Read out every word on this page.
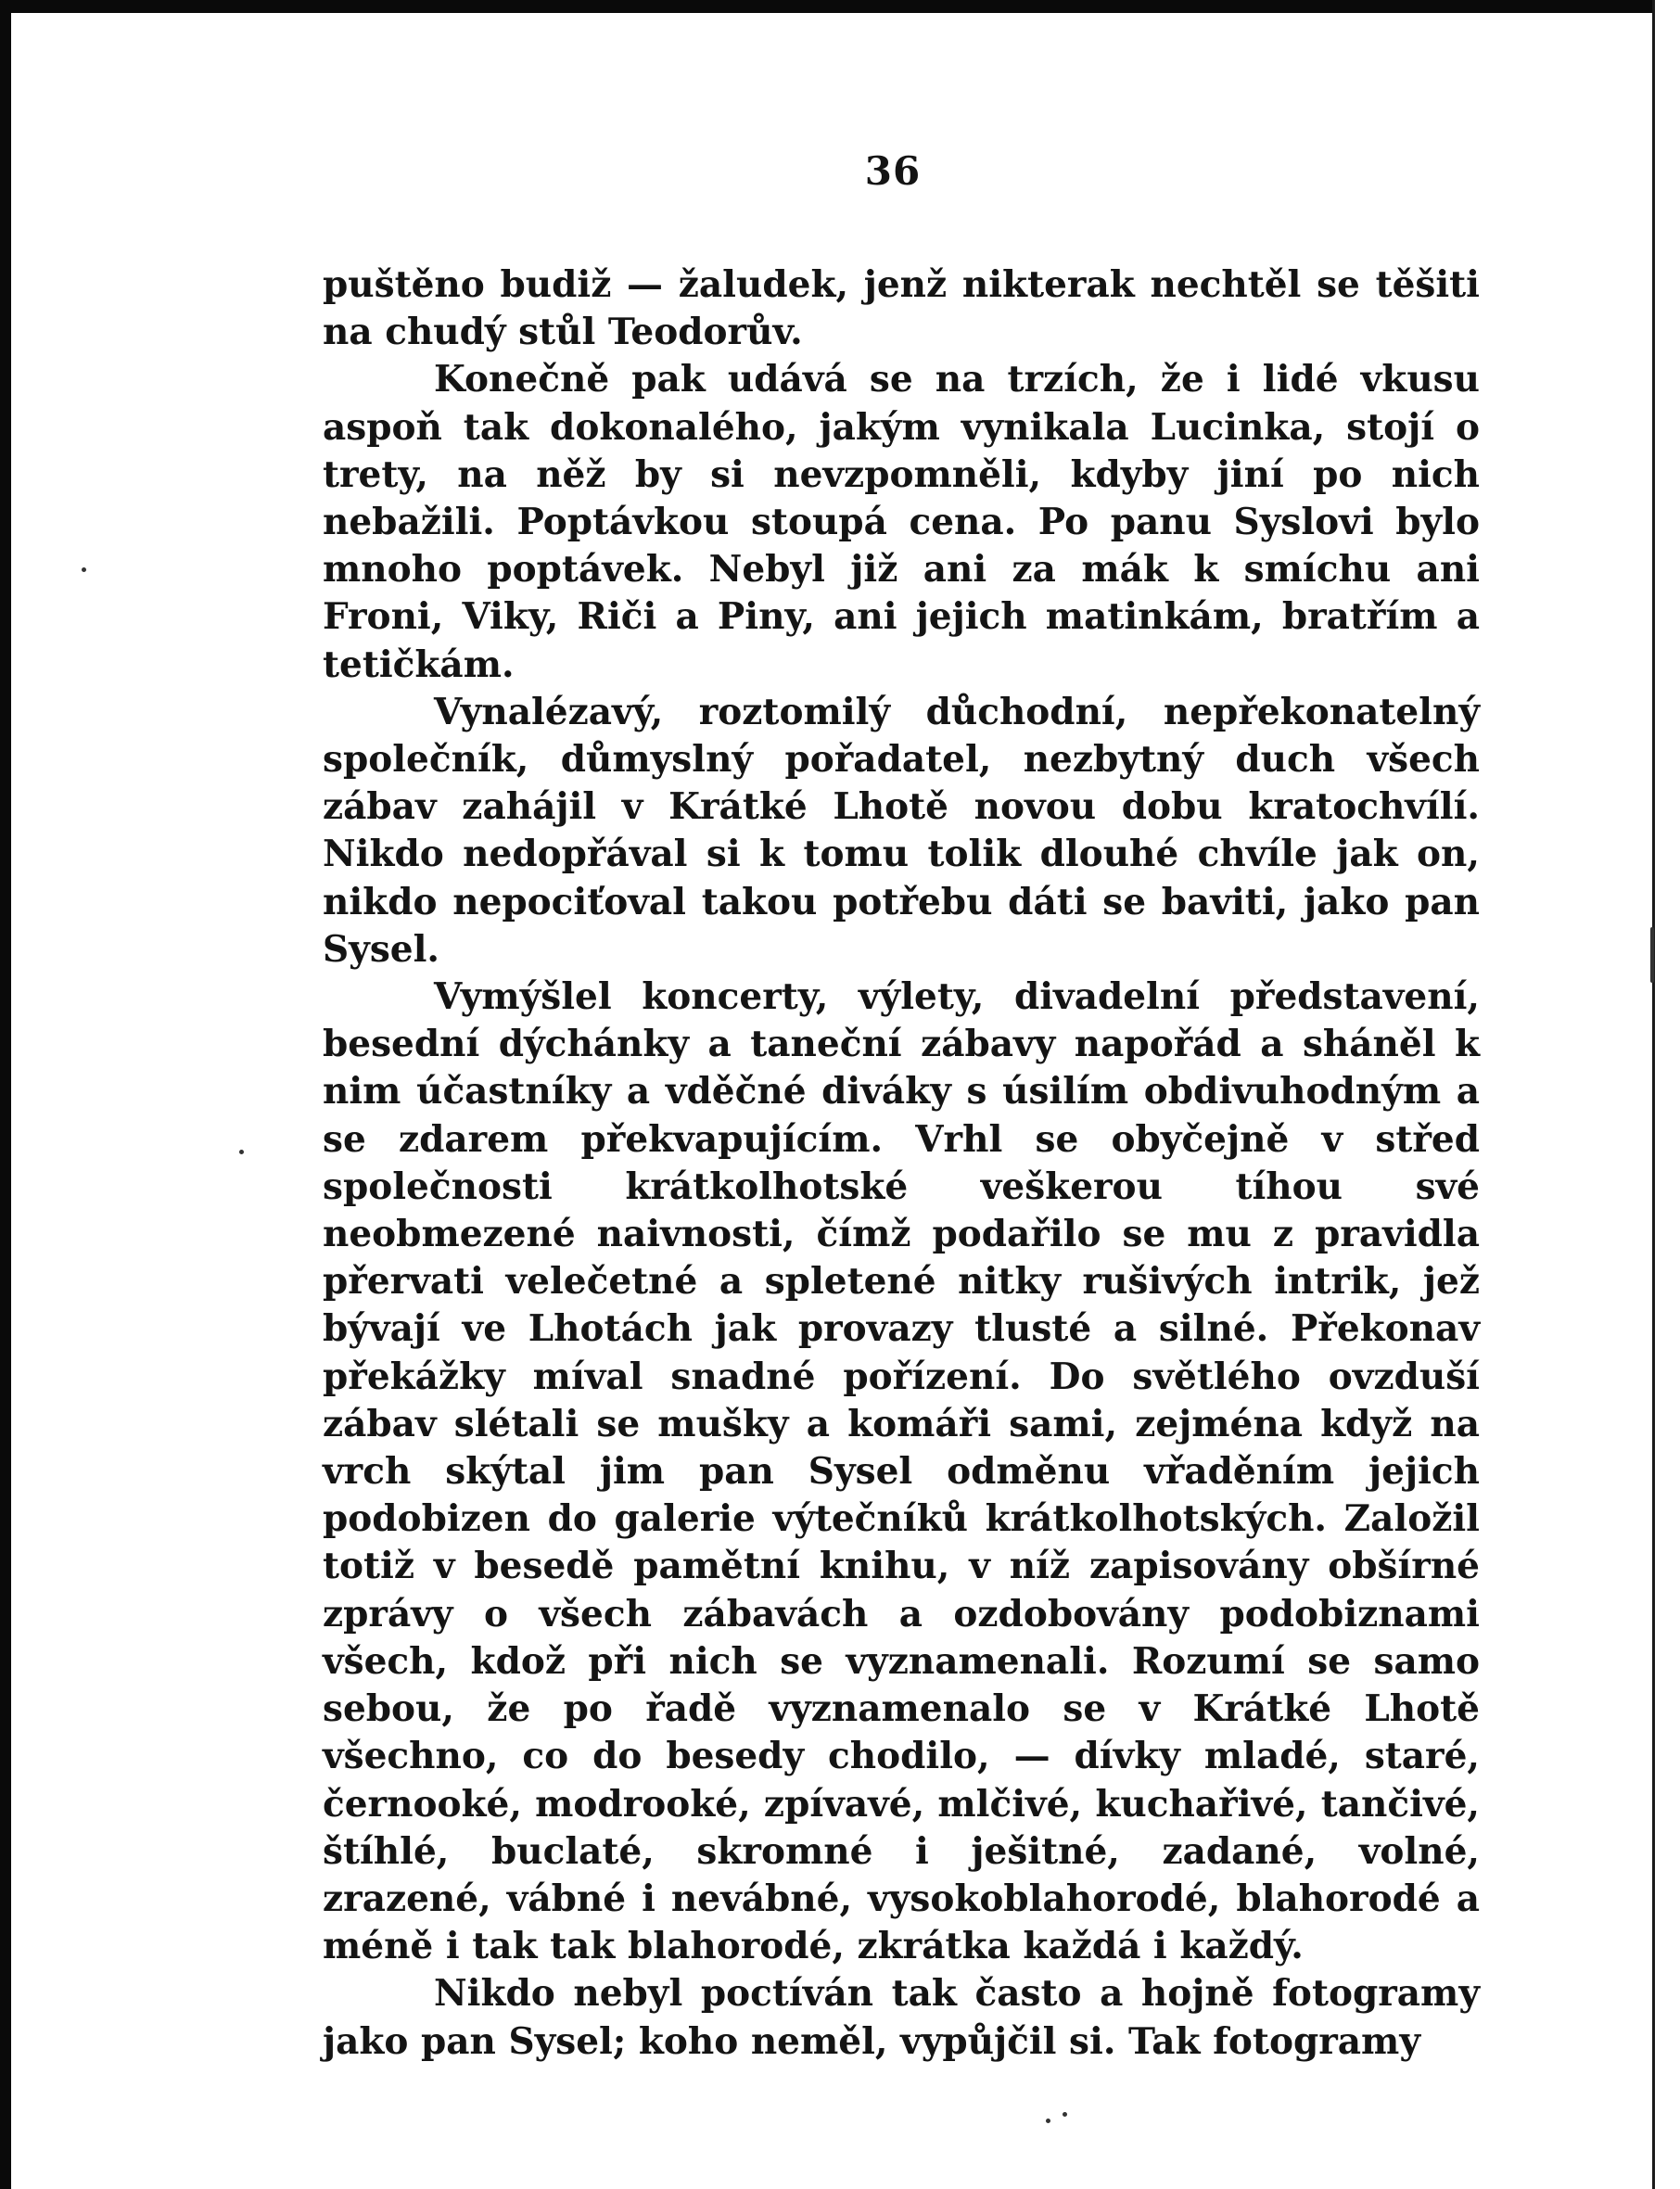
36

puštěno budiž — žaludek, jenž nikterak nechtěl se těšiti na chudý stůl Teodorův.

Konečně pak udává se na trzích, že i lidé vkusu aspoň tak dokonalého, jakým vynikala Lucinka, stojí o trety, na něž by si nevzpomněli, kdyby jiní po nich nebažili. Poptávkou stoupá cena. Po panu Syslovi bylo mnoho poptávek. Nebyl již ani za mák k smíchu ani Froni, Viky, Riči a Piny, ani jejich matinkám, bratřím a tetičkám.

Vynalézavý, roztomilý důchodní, nepřekonatelný společník, důmyslný pořadatel, nezbytný duch všech zábav zahájil v Krátké Lhotě novou dobu kratochvílí. Nikdo nedopřával si k tomu tolik dlouhé chvíle jak on, nikdo nepociťoval takou potřebu dáti se baviti, jako pan Sysel.

Vymýšlel koncerty, výlety, divadelní představení, besední dýchánky a taneční zábavy napořád a sháněl k nim účastníky a vděčné diváky s úsilím obdivuhodným a se zdarem překvapujícím. Vrhl se obyčejně v střed společnosti krátkolhotské veškerou tíhou své neobmezené naivnosti, čímž podařilo se mu z pravidla přervati velečetné a spletené nitky rušivých intrik, jež bývají ve Lhotách jak provazy tlusté a silné. Překonav překážky míval snadné pořízení. Do světlého ovzduší zábav slétali se mušky a komáři sami, zejména když na vrch skýtal jim pan Sysel odměnu vřaděním jejich podobizen do galerie výtečníků krátkolhotských. Založil totiž v besedě pamětní knihu, v níž zapisovány obšírné zprávy o všech zábavách a ozdobovány podobiznami všech, kdož při nich se vyznamenali. Rozumí se samo sebou, že po řadě vyznamenalo se v Krátké Lhotě všechno, co do besedy chodilo, — dívky mladé, staré, černooké, modrooké, zpívavé, mlčivé, kuchařivé, tančivé, štíhlé, buclaté, skromné i ješitné, zadané, volné, zrazené, vábné i nevábné, vysokoblahorodé, blahorodé a méně i tak tak blahorodé, zkrátka každá i každý.

Nikdo nebyl poctíván tak často a hojně fotogramy jako pan Sysel; koho neměl, vypůjčil si. Tak fotogramy
